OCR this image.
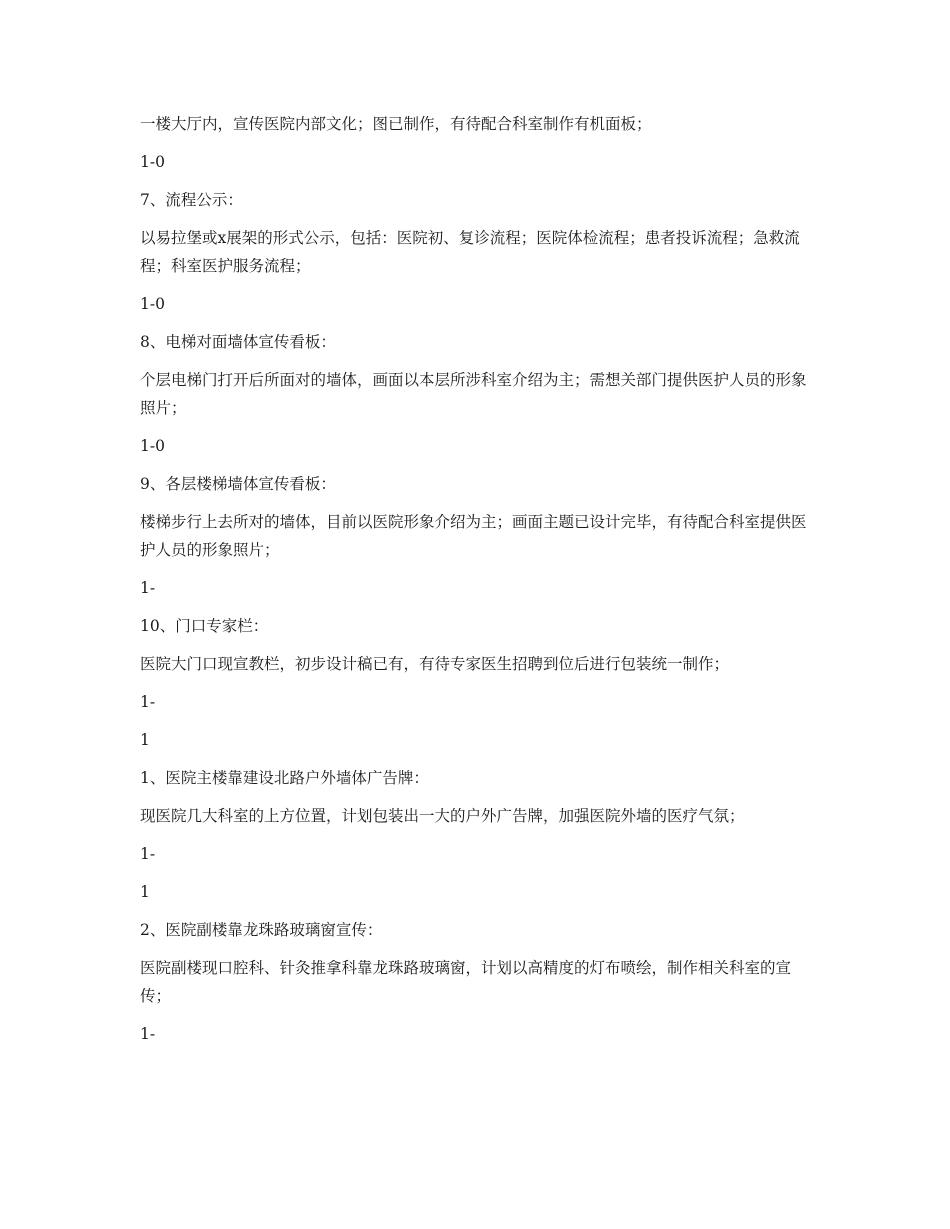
一楼大厅内，宣传医院内部文化；图已制作，有待配合科室制作有机面板；

1-0

7、流程公示：

以易拉堡或x展架的形式公示，包括：医院初、复诊流程；医院体检流程；患者投诉流程；急救流程；科室医护服务流程；

1-0

8、电梯对面墙体宣传看板：

个层电梯门打开后所面对的墙体，画面以本层所涉科室介绍为主；需想关部门提供医护人员的形象照片；

1-0

9、各层楼梯墙体宣传看板：

楼梯步行上去所对的墙体，目前以医院形象介绍为主；画面主题已设计完毕，有待配合科室提供医护人员的形象照片；

1-

10、门口专家栏：

医院大门口现宣教栏，初步设计稿已有，有待专家医生招聘到位后进行包装统一制作；

1-

1

1、医院主楼靠建设北路户外墙体广告牌：

现医院几大科室的上方位置，计划包装出一大的户外广告牌，加强医院外墙的医疗气氛；

1-

1

2、医院副楼靠龙珠路玻璃窗宣传：

医院副楼现口腔科、针灸推拿科靠龙珠路玻璃窗，计划以高精度的灯布喷绘，制作相关科室的宣传；

1-
